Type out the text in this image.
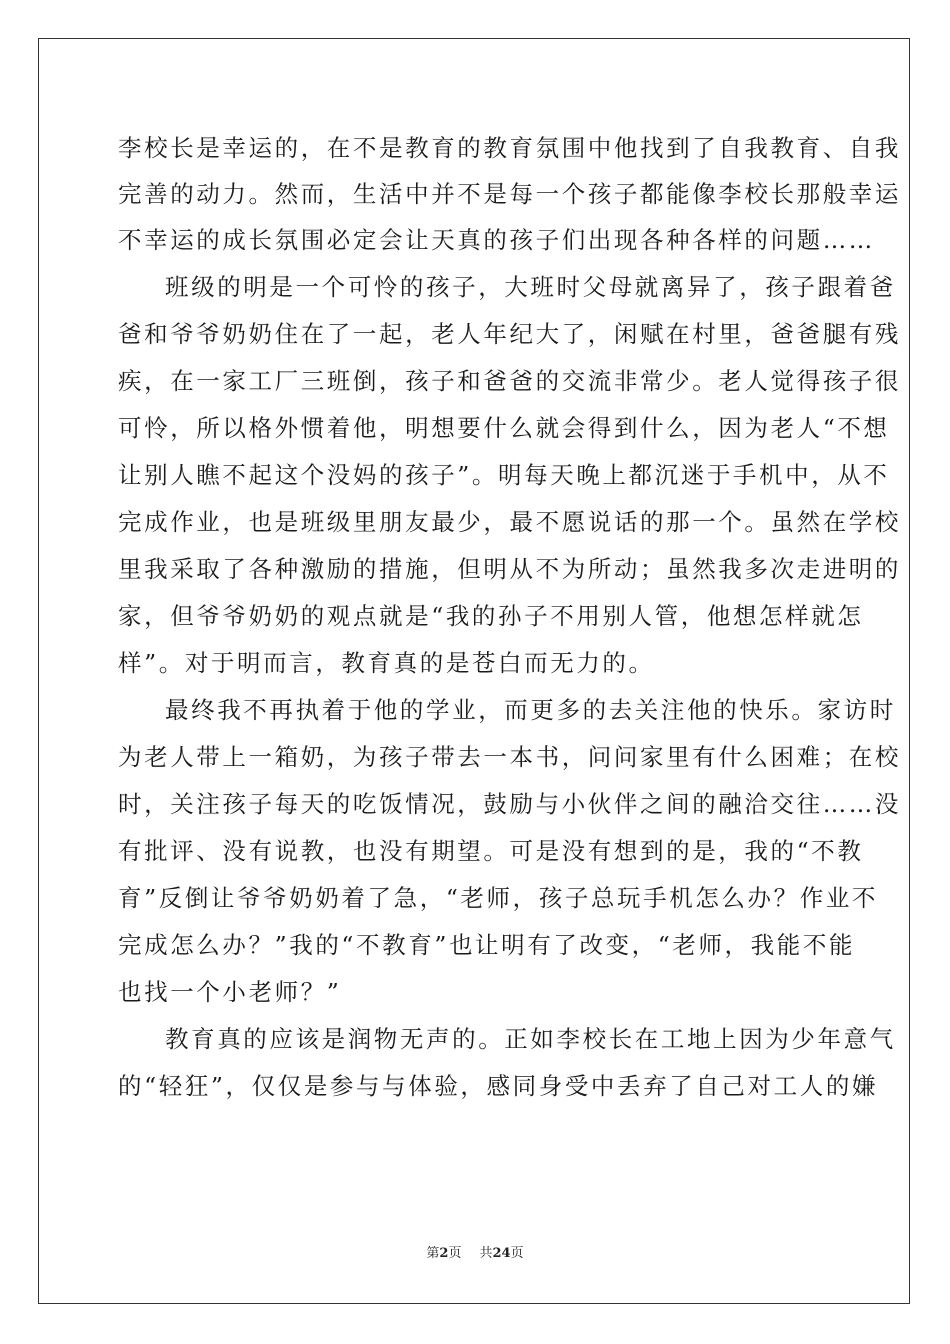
李校长是幸运的，在不是教育的教育氛围中他找到了自我教育、自我
完善的动力。然而，生活中并不是每一个孩子都能像李校长那般幸运
不幸运的成长氛围必定会让天真的孩子们出现各种各样的问题……
班级的明是一个可怜的孩子，大班时父母就离异了，孩子跟着爸
爸和爷爷奶奶住在了一起，老人年纪大了，闲赋在村里，爸爸腿有残
疾，在一家工厂三班倒，孩子和爸爸的交流非常少。老人觉得孩子很
可怜，所以格外惯着他，明想要什么就会得到什么，因为老人“不想
让别人瞧不起这个没妈的孩子”。明每天晚上都沉迷于手机中，从不
完成作业，也是班级里朋友最少，最不愿说话的那一个。虽然在学校
里我采取了各种激励的措施，但明从不为所动；虽然我多次走进明的
家，但爷爷奶奶的观点就是“我的孙子不用别人管，他想怎样就怎
样”。对于明而言，教育真的是苍白而无力的。
最终我不再执着于他的学业，而更多的去关注他的快乐。家访时
为老人带上一箱奶，为孩子带去一本书，问问家里有什么困难；在校
时，关注孩子每天的吃饭情况，鼓励与小伙伴之间的融洽交往……没
有批评、没有说教，也没有期望。可是没有想到的是，我的“不教
育”反倒让爷爷奶奶着了急，“老师，孩子总玩手机怎么办？作业不
完成怎么办？”我的“不教育”也让明有了改变，“老师，我能不能
也找一个小老师？”
教育真的应该是润物无声的。正如李校长在工地上因为少年意气
的“轻狂”，仅仅是参与与体验，感同身受中丢弃了自己对工人的嫌
第2页 共24页
